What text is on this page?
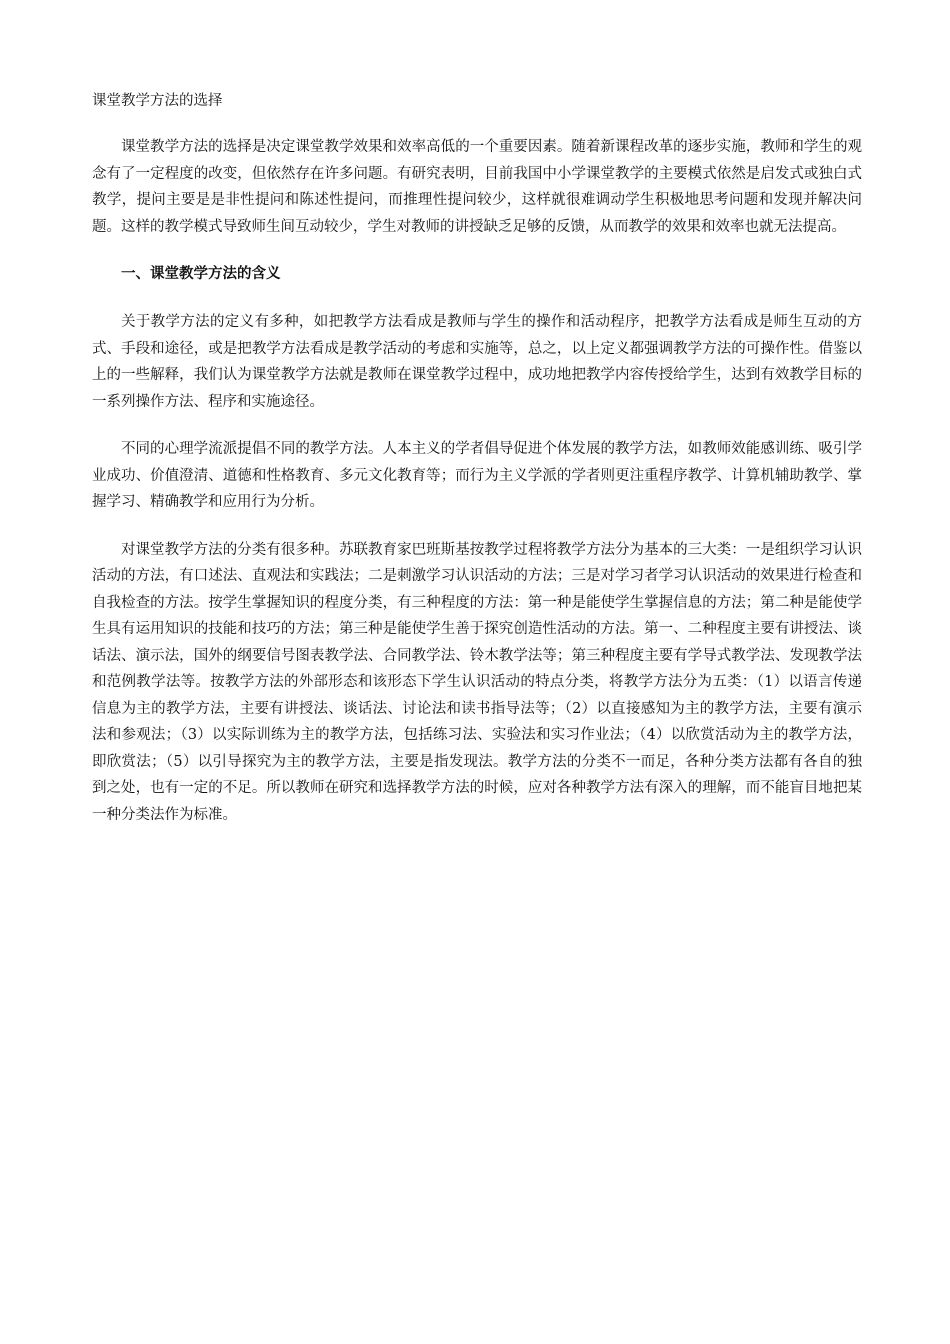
课堂教学方法的选择

课堂教学方法的选择是决定课堂教学效果和效率高低的一个重要因素。随着新课程改革的逐步实施，教师和学生的观念有了一定程度的改变，但依然存在许多问题。有研究表明，目前我国中小学课堂教学的主要模式依然是启发式或独白式教学，提问主要是是非性提问和陈述性提问，而推理性提问较少，这样就很难调动学生积极地思考问题和发现并解决问题。这样的教学模式导致师生间互动较少，学生对教师的讲授缺乏足够的反馈，从而教学的效果和效率也就无法提高。

一、课堂教学方法的含义

关于教学方法的定义有多种，如把教学方法看成是教师与学生的操作和活动程序，把教学方法看成是师生互动的方式、手段和途径，或是把教学方法看成是教学活动的考虑和实施等，总之，以上定义都强调教学方法的可操作性。借鉴以上的一些解释，我们认为课堂教学方法就是教师在课堂教学过程中，成功地把教学内容传授给学生，达到有效教学目标的一系列操作方法、程序和实施途径。

不同的心理学流派提倡不同的教学方法。人本主义的学者倡导促进个体发展的教学方法，如教师效能感训练、吸引学业成功、价值澄清、道德和性格教育、多元文化教育等；而行为主义学派的学者则更注重程序教学、计算机辅助教学、掌握学习、精确教学和应用行为分析。

对课堂教学方法的分类有很多种。苏联教育家巴班斯基按教学过程将教学方法分为基本的三大类：一是组织学习认识活动的方法，有口述法、直观法和实践法；二是刺激学习认识活动的方法；三是对学习者学习认识活动的效果进行检查和自我检查的方法。按学生掌握知识的程度分类，有三种程度的方法：第一种是能使学生掌握信息的方法；第二种是能使学生具有运用知识的技能和技巧的方法；第三种是能使学生善于探究创造性活动的方法。第一、二种程度主要有讲授法、谈话法、演示法，国外的纲要信号图表教学法、合同教学法、铃木教学法等；第三种程度主要有学导式教学法、发现教学法和范例教学法等。按教学方法的外部形态和该形态下学生认识活动的特点分类，将教学方法分为五类：（1）以语言传递信息为主的教学方法，主要有讲授法、谈话法、讨论法和读书指导法等；（2）以直接感知为主的教学方法，主要有演示法和参观法；（3）以实际训练为主的教学方法，包括练习法、实验法和实习作业法；（4）以欣赏活动为主的教学方法，即欣赏法；（5）以引导探究为主的教学方法，主要是指发现法。教学方法的分类不一而足，各种分类方法都有各自的独到之处，也有一定的不足。所以教师在研究和选择教学方法的时候，应对各种教学方法有深入的理解，而不能盲目地把某一种分类法作为标准。
